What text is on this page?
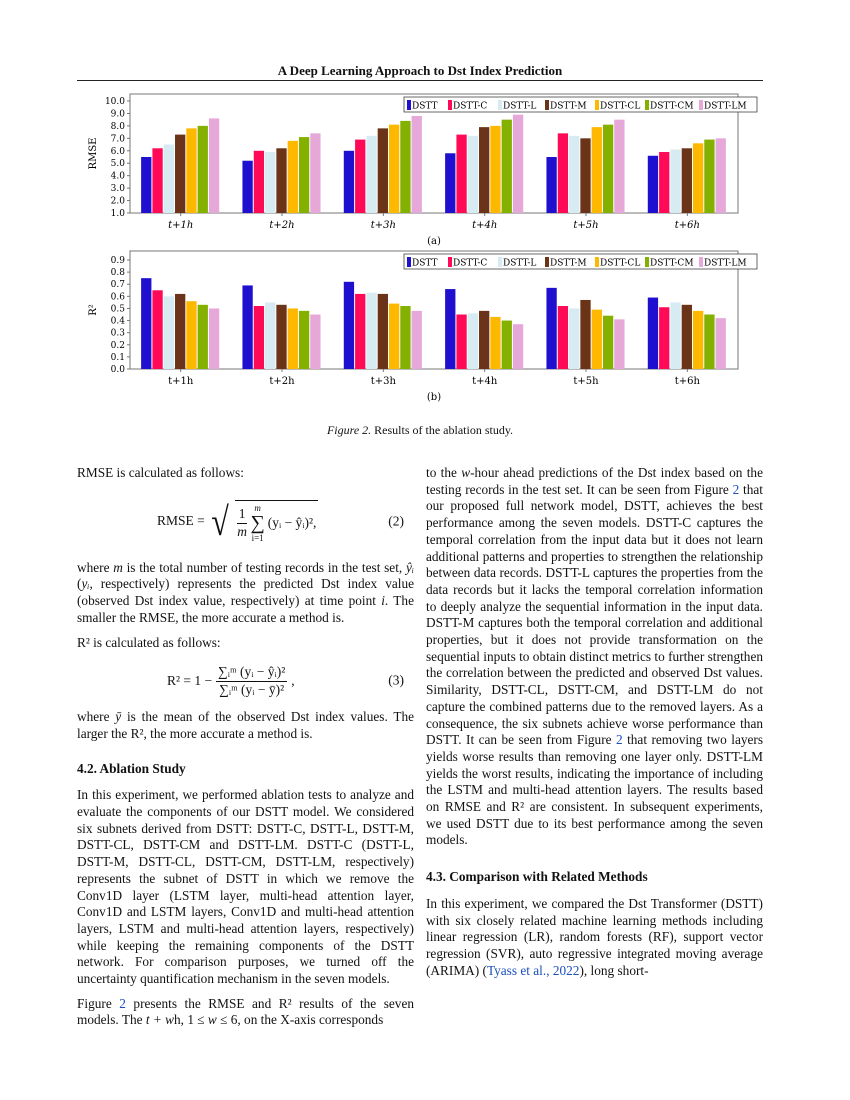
A Deep Learning Approach to Dst Index Prediction
1.0
2.0
3.0
4.0
5.0
6.0
7.0
8.0
9.0
10.0
RMSE
t+1h	t+2h	t+3h	t+4h	t+5h	t+6h
(a)
DSTT DSTT-C DSTT-L DSTT-M DSTT-CL DSTT-CM DSTT-LM
0.0
0.1
0.2
0.3
0.4
0.5
0.6
0.7
0.8
0.9
R²
t+1h	t+2h	t+3h	t+4h	t+5h	t+6h
(b)
DSTT DSTT-C DSTT-L DSTT-M DSTT-CL DSTT-CM DSTT-LM
Figure 2. Results of the ablation study.

RMSE is calculated as follows:

RMSE = √ $\frac{1}{m}$ m
∑
i=1
(yᵢ − ŷᵢ)²,	(2)

where m is the total number of testing records in the test set, ŷᵢ (yᵢ, respectively) represents the predicted Dst index value (observed Dst index value, respectively) at time point i. The smaller the RMSE, the more accurate a method is.

R² is calculated as follows:

$R^2 = 1 - \frac{\text{∑ᵢᵐ (yᵢ − ŷᵢ)²}}{\text{∑ᵢᵐ (yᵢ − ȳ)²}}$ ,	(3)

where ȳ is the mean of the observed Dst index values. The larger the R², the more accurate a method is.

4.2. Ablation Study

In this experiment, we performed ablation tests to analyze and evaluate the components of our DSTT model. We considered six subnets derived from DSTT: DSTT-C, DSTT-L, DSTT-M, DSTT-CL, DSTT-CM and DSTT-LM. DSTT-C (DSTT-L, DSTT-M, DSTT-CL, DSTT-CM, DSTT-LM, respectively) represents the subnet of DSTT in which we remove the Conv1D layer (LSTM layer, multi-head attention layer, Conv1D and LSTM layers, Conv1D and multi-head attention layers, LSTM and multi-head attention layers, respectively) while keeping the remaining components of the DSTT network. For comparison purposes, we turned off the uncertainty quantification mechanism in the seven models.

Figure 2 presents the RMSE and R² results of the seven models. The t + wh, 1 ≤ w ≤ 6, on the X-axis corresponds

to the w-hour ahead predictions of the Dst index based on the testing records in the test set. It can be seen from Figure 2 that our proposed full network model, DSTT, achieves the best performance among the seven models. DSTT-C captures the temporal correlation from the input data but it does not learn additional patterns and properties to strengthen the relationship between data records. DSTT-L captures the properties from the data records but it lacks the temporal correlation information to deeply analyze the sequential information in the input data. DSTT-M captures both the temporal correlation and additional properties, but it does not provide transformation on the sequential inputs to obtain distinct metrics to further strengthen the correlation between the predicted and observed Dst values. Similarity, DSTT-CL, DSTT-CM, and DSTT-LM do not capture the combined patterns due to the removed layers. As a consequence, the six subnets achieve worse performance than DSTT. It can be seen from Figure 2 that removing two layers yields worse results than removing one layer only. DSTT-LM yields the worst results, indicating the importance of including the LSTM and multi-head attention layers. The results based on RMSE and R² are consistent. In subsequent experiments, we used DSTT due to its best performance among the seven models.

4.3. Comparison with Related Methods

In this experiment, we compared the Dst Transformer (DSTT) with six closely related machine learning methods including linear regression (LR), random forests (RF), support vector regression (SVR), auto regressive integrated moving average (ARIMA) (Tyass et al., 2022), long short-
